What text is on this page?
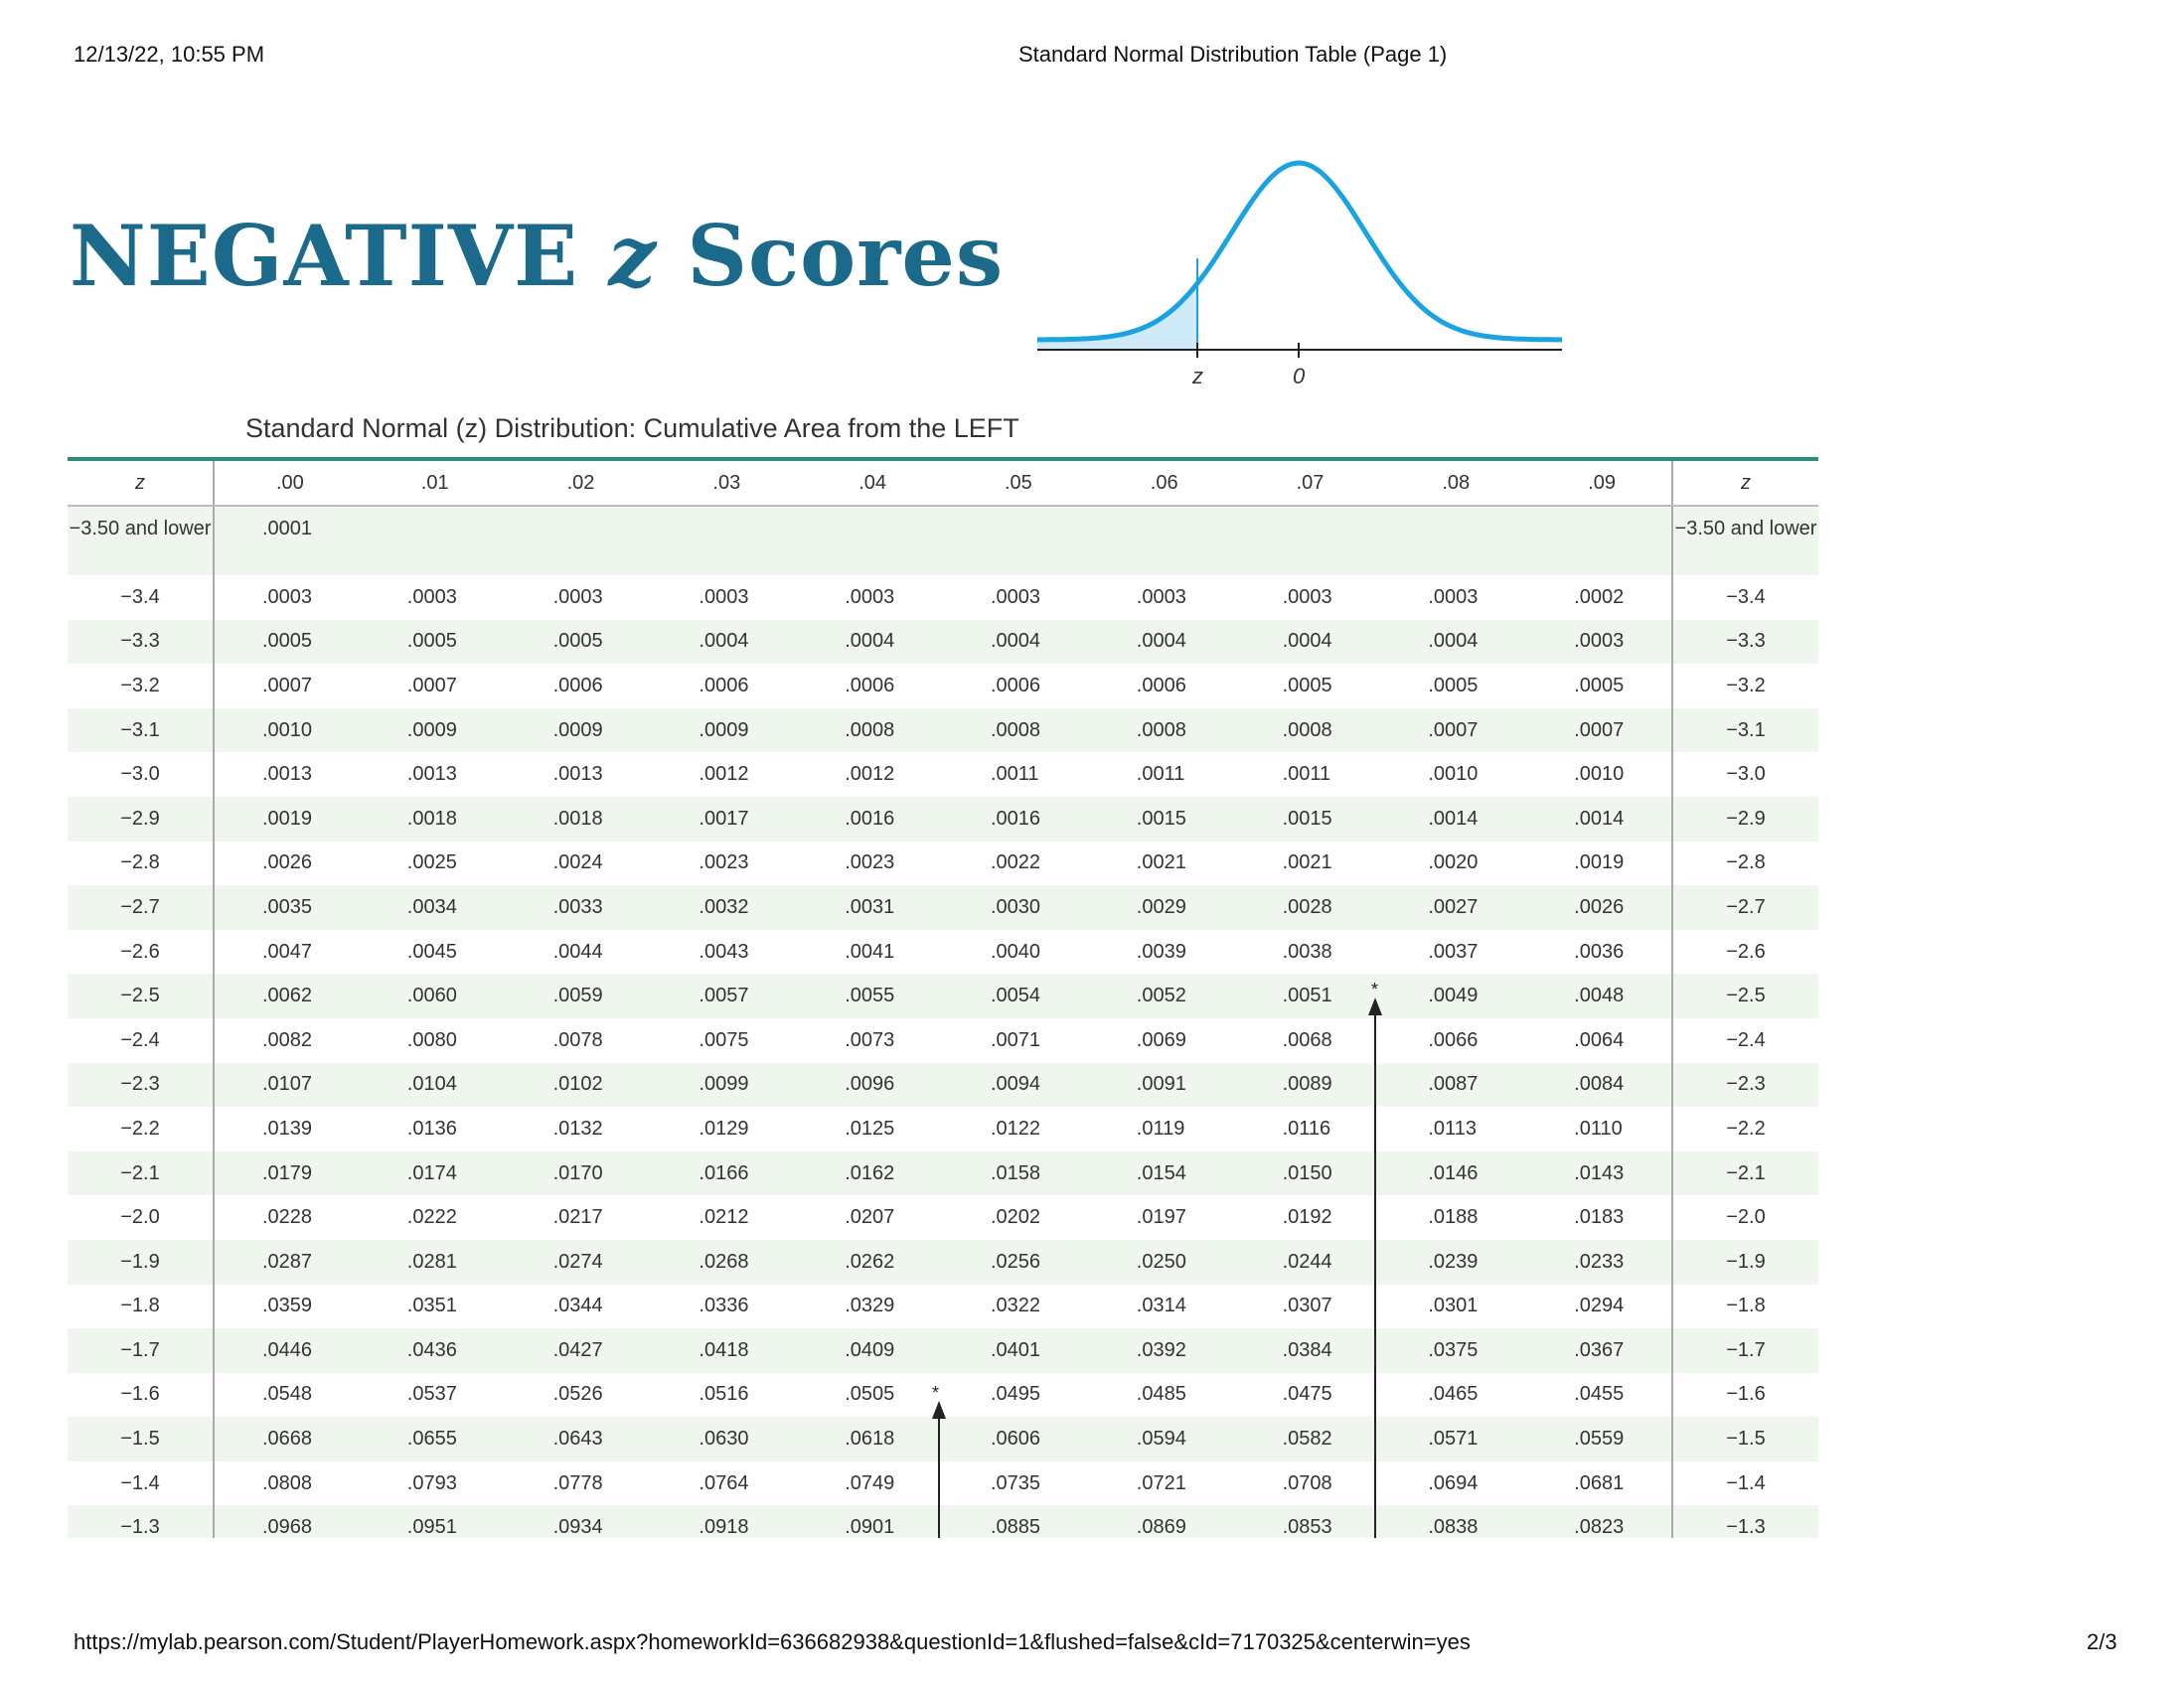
12/13/22, 10:55 PM	Standard Normal Distribution Table (Page 1)
NEGATIVE z Scores
z	0
Standard Normal (z) Distribution: Cumulative Area from the LEFT
z	.00	.01	.02	.03	.04	.05	.06	.07	.08	.09	z
−3.50 and lower	.0001										−3.50 and lower
−3.4	.0003	.0003	.0003	.0003	.0003	.0003	.0003	.0003	.0003	.0002	−3.4
−3.3	.0005	.0005	.0005	.0004	.0004	.0004	.0004	.0004	.0004	.0003	−3.3
−3.2	.0007	.0007	.0006	.0006	.0006	.0006	.0006	.0005	.0005	.0005	−3.2
−3.1	.0010	.0009	.0009	.0009	.0008	.0008	.0008	.0008	.0007	.0007	−3.1
−3.0	.0013	.0013	.0013	.0012	.0012	.0011	.0011	.0011	.0010	.0010	−3.0
−2.9	.0019	.0018	.0018	.0017	.0016	.0016	.0015	.0015	.0014	.0014	−2.9
−2.8	.0026	.0025	.0024	.0023	.0023	.0022	.0021	.0021	.0020	.0019	−2.8
−2.7	.0035	.0034	.0033	.0032	.0031	.0030	.0029	.0028	.0027	.0026	−2.7
−2.6	.0047	.0045	.0044	.0043	.0041	.0040	.0039	.0038	.0037	.0036	−2.6
−2.5	.0062	.0060	.0059	.0057	.0055	.0054	.0052	.0051	.0049	.0048	−2.5
−2.4	.0082	.0080	.0078	.0075	.0073	.0071	.0069	.0068	.0066	.0064	−2.4
−2.3	.0107	.0104	.0102	.0099	.0096	.0094	.0091	.0089	.0087	.0084	−2.3
−2.2	.0139	.0136	.0132	.0129	.0125	.0122	.0119	.0116	.0113	.0110	−2.2
−2.1	.0179	.0174	.0170	.0166	.0162	.0158	.0154	.0150	.0146	.0143	−2.1
−2.0	.0228	.0222	.0217	.0212	.0207	.0202	.0197	.0192	.0188	.0183	−2.0
−1.9	.0287	.0281	.0274	.0268	.0262	.0256	.0250	.0244	.0239	.0233	−1.9
−1.8	.0359	.0351	.0344	.0336	.0329	.0322	.0314	.0307	.0301	.0294	−1.8
−1.7	.0446	.0436	.0427	.0418	.0409	.0401	.0392	.0384	.0375	.0367	−1.7
−1.6	.0548	.0537	.0526	.0516	.0505	.0495	.0485	.0475	.0465	.0455	−1.6
−1.5	.0668	.0655	.0643	.0630	.0618	.0606	.0594	.0582	.0571	.0559	−1.5
−1.4	.0808	.0793	.0778	.0764	.0749	.0735	.0721	.0708	.0694	.0681	−1.4
−1.3	.0968	.0951	.0934	.0918	.0901	.0885	.0869	.0853	.0838	.0823	−1.3
*
*
https://mylab.pearson.com/Student/PlayerHomework.aspx?homeworkId=636682938&questionId=1&flushed=false&cId=7170325&centerwin=yes	2/3
